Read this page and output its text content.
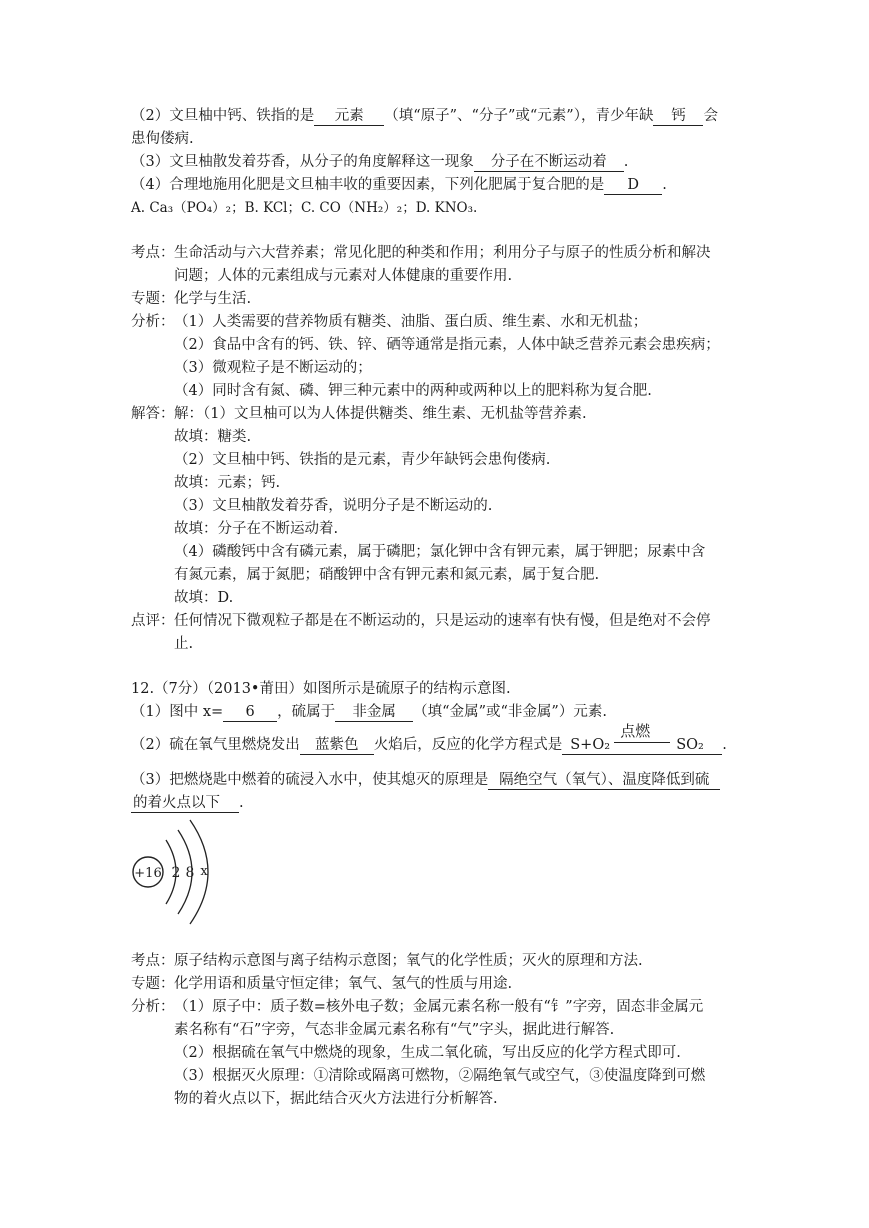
（2）文旦柚中钙、铁指的是 元素 （填“原子”、“分子”或“元素”），青少年缺 钙 会
患佝偻病.
（3）文旦柚散发着芬香，从分子的角度解释这一现象 分子在不断运动着 .
（4）合理地施用化肥是文旦柚丰收的重要因素，下列化肥属于复合肥的是 D .
A. Ca₃（PO₄）₂；B. KCl；C. CO（NH₂）₂；D. KNO₃.
考点： 生命活动与六大营养素；常见化肥的种类和作用；利用分子与原子的性质分析和解决
问题；人体的元素组成与元素对人体健康的重要作用.
专题： 化学与生活.
分析： （1）人类需要的营养物质有糖类、油脂、蛋白质、维生素、水和无机盐；
（2）食品中含有的钙、铁、锌、硒等通常是指元素，人体中缺乏营养元素会患疾病；
（3）微观粒子是不断运动的；
（4）同时含有氮、磷、钾三种元素中的两种或两种以上的肥料称为复合肥.
解答： 解：（1）文旦柚可以为人体提供糖类、维生素、无机盐等营养素.
故填：糖类.
（2）文旦柚中钙、铁指的是元素，青少年缺钙会患佝偻病.
故填：元素；钙.
（3）文旦柚散发着芬香，说明分子是不断运动的.
故填：分子在不断运动着.
（4）磷酸钙中含有磷元素，属于磷肥；氯化钾中含有钾元素，属于钾肥；尿素中含
有氮元素，属于氮肥；硝酸钾中含有钾元素和氮元素，属于复合肥.
故填：D.
点评： 任何情况下微观粒子都是在不断运动的，只是运动的速率有快有慢，但是绝对不会停
止.
12.（7分）（2013•莆田）如图所示是硫原子的结构示意图.
（1）图中 x= 6 ，硫属于 非金属 （填“金属”或“非金属”）元素.
（2）硫在氧气里燃烧发出 蓝紫色 火焰后，反应的化学方程式是 S+O₂
点燃
SO₂ .
（3）把燃烧匙中燃着的硫浸入水中，使其熄灭的原理是 隔绝空气（氧气）、温度降低到硫
的着火点以下 .
+16 2 8 x
考点： 原子结构示意图与离子结构示意图；氧气的化学性质；灭火的原理和方法.
专题： 化学用语和质量守恒定律；氧气、氢气的性质与用途.
分析： （1）原子中：质子数=核外电子数；金属元素名称一般有“钅”字旁，固态非金属元
素名称有“石”字旁，气态非金属元素名称有“气”字头，据此进行解答.
（2）根据硫在氧气中燃烧的现象，生成二氧化硫，写出反应的化学方程式即可.
（3）根据灭火原理：①清除或隔离可燃物，②隔绝氧气或空气，③使温度降到可燃
物的着火点以下，据此结合灭火方法进行分析解答.
